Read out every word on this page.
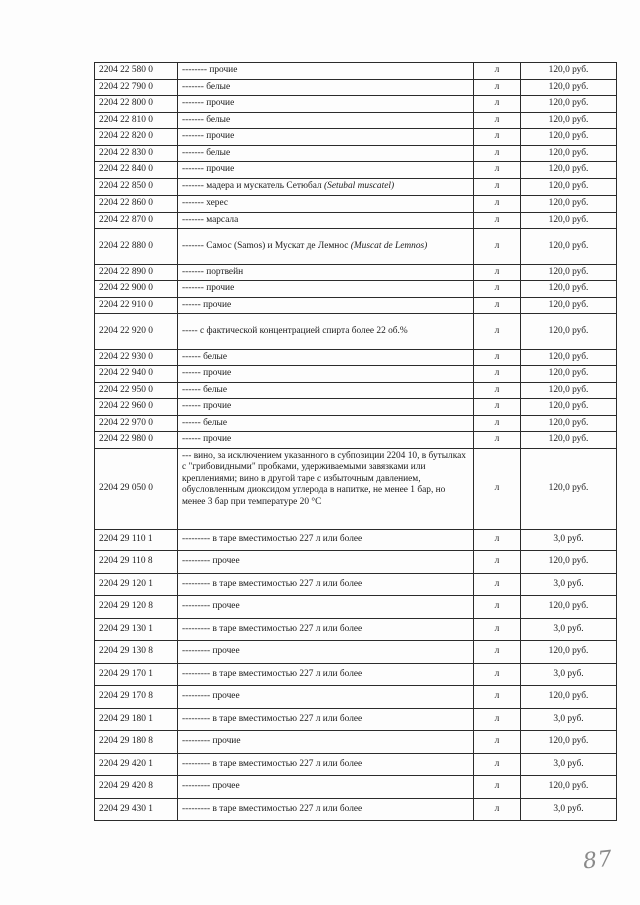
2204 22 580 0	-------- прочие	л	120,0 руб.
2204 22 790 0	------- белые	л	120,0 руб.
2204 22 800 0	------- прочие	л	120,0 руб.
2204 22 810 0	------- белые	л	120,0 руб.
2204 22 820 0	------- прочие	л	120,0 руб.
2204 22 830 0	------- белые	л	120,0 руб.
2204 22 840 0	------- прочие	л	120,0 руб.
2204 22 850 0	------- мадера и мускатель Сетюбал (Setubal muscatel)	л	120,0 руб.
2204 22 860 0	------- херес	л	120,0 руб.
2204 22 870 0	------- марсала	л	120,0 руб.
2204 22 880 0	------- Самос (Samos) и Мускат де Лемнос (Muscat de Lemnos)	л	120,0 руб.
2204 22 890 0	------- портвейн	л	120,0 руб.
2204 22 900 0	------- прочие	л	120,0 руб.
2204 22 910 0	------ прочие	л	120,0 руб.
2204 22 920 0	----- с фактической концентрацией спирта более 22 об.%	л	120,0 руб.
2204 22 930 0	------ белые	л	120,0 руб.
2204 22 940 0	------ прочие	л	120,0 руб.
2204 22 950 0	------ белые	л	120,0 руб.
2204 22 960 0	------ прочие	л	120,0 руб.
2204 22 970 0	------ белые	л	120,0 руб.
2204 22 980 0	------ прочие	л	120,0 руб.
2204 29 050 0	--- вино, за исключением указанного в субпозиции 2204 10, в бутылках с "грибовидными" пробками, удерживаемыми завязками или креплениями; вино в другой таре с избыточным давлением, обусловленным диоксидом углерода в напитке, не менее 1 бар, но менее 3 бар при температуре 20 °С	л	120,0 руб.
2204 29 110 1	--------- в таре вместимостью 227 л или более	л	3,0 руб.
2204 29 110 8	--------- прочее	л	120,0 руб.
2204 29 120 1	--------- в таре вместимостью 227 л или более	л	3,0 руб.
2204 29 120 8	--------- прочее	л	120,0 руб.
2204 29 130 1	--------- в таре вместимостью 227 л или более	л	3,0 руб.
2204 29 130 8	--------- прочее	л	120,0 руб.
2204 29 170 1	--------- в таре вместимостью 227 л или более	л	3,0 руб.
2204 29 170 8	--------- прочее	л	120,0 руб.
2204 29 180 1	--------- в таре вместимостью 227 л или более	л	3,0 руб.
2204 29 180 8	--------- прочие	л	120,0 руб.
2204 29 420 1	--------- в таре вместимостью 227 л или более	л	3,0 руб.
2204 29 420 8	--------- прочее	л	120,0 руб.
2204 29 430 1	--------- в таре вместимостью 227 л или более	л	3,0 руб.
87
